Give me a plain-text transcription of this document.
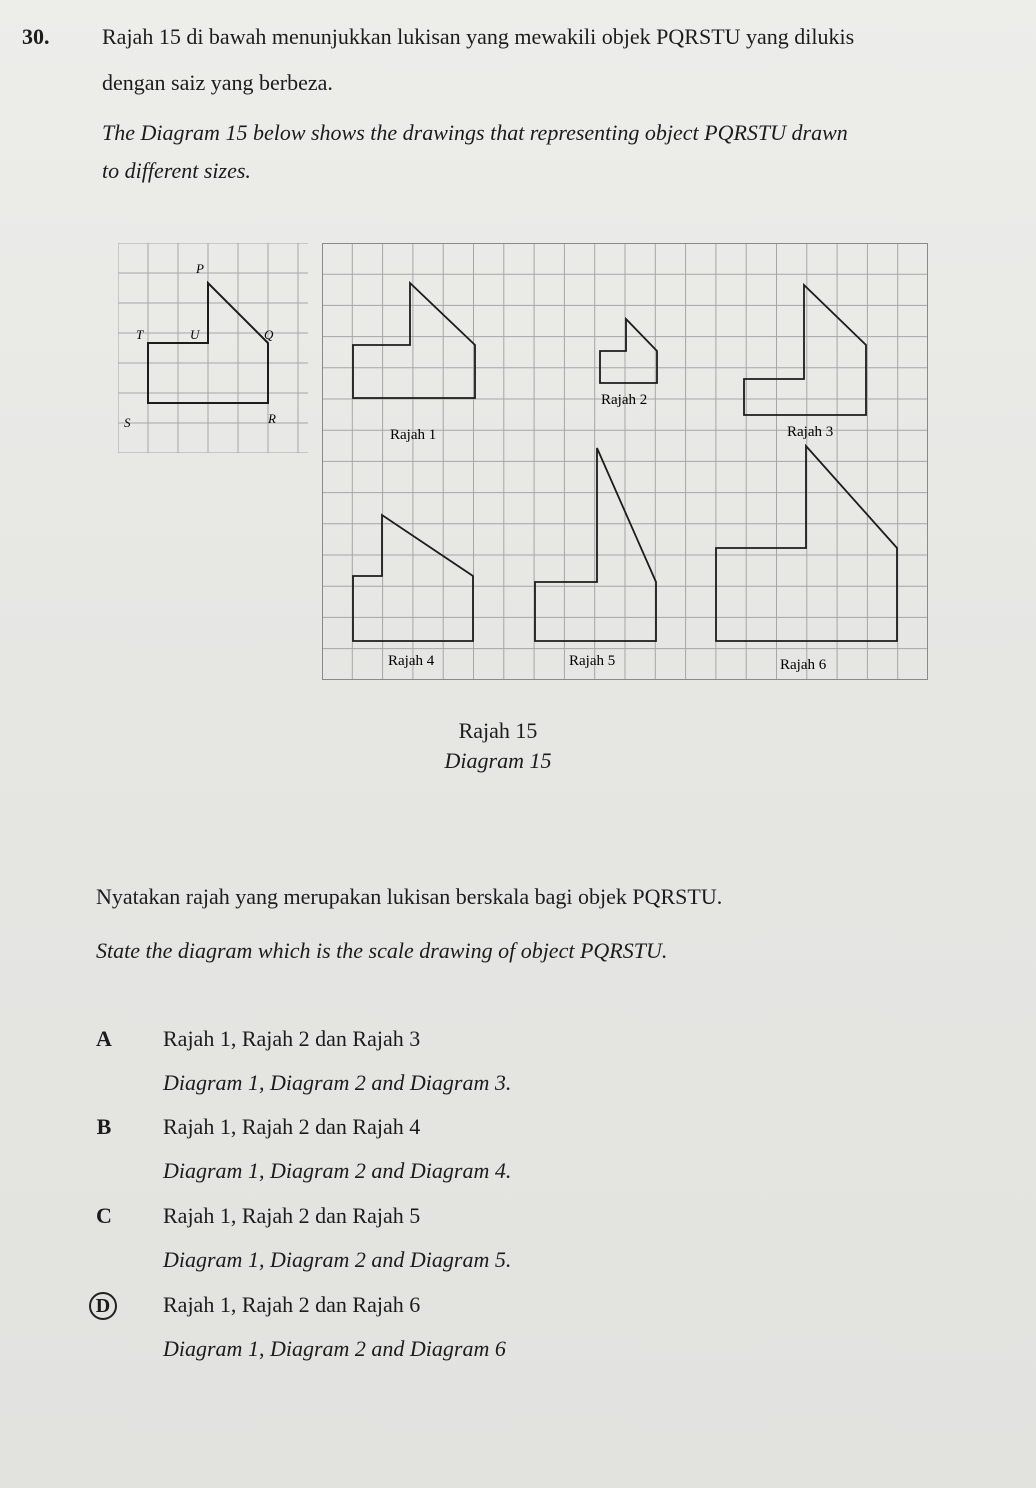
30. Rajah 15 di bawah menunjukkan lukisan yang mewakili objek PQRSTU yang dilukis
dengan saiz yang berbeza.
The Diagram 15 below shows the drawings that representing object PQRSTU drawn
to different sizes.
P
T	U	Q
S	R
Rajah 1
Rajah 2
Rajah 3
Rajah 4	Rajah 5	Rajah 6
Rajah 15
Diagram 15
Nyatakan rajah yang merupakan lukisan berskala bagi objek PQRSTU.
State the diagram which is the scale drawing of object PQRSTU.
A Rajah 1, Rajah 2 dan Rajah 3
Diagram 1, Diagram 2 and Diagram 3.
B	Rajah 1, Rajah 2 dan Rajah 4
Diagram 1, Diagram 2 and Diagram 4.
C Rajah 1, Rajah 2 dan Rajah 5
Diagram 1, Diagram 2 and Diagram 5.
D	Rajah 1, Rajah 2 dan Rajah 6
Diagram 1, Diagram 2 and Diagram 6
